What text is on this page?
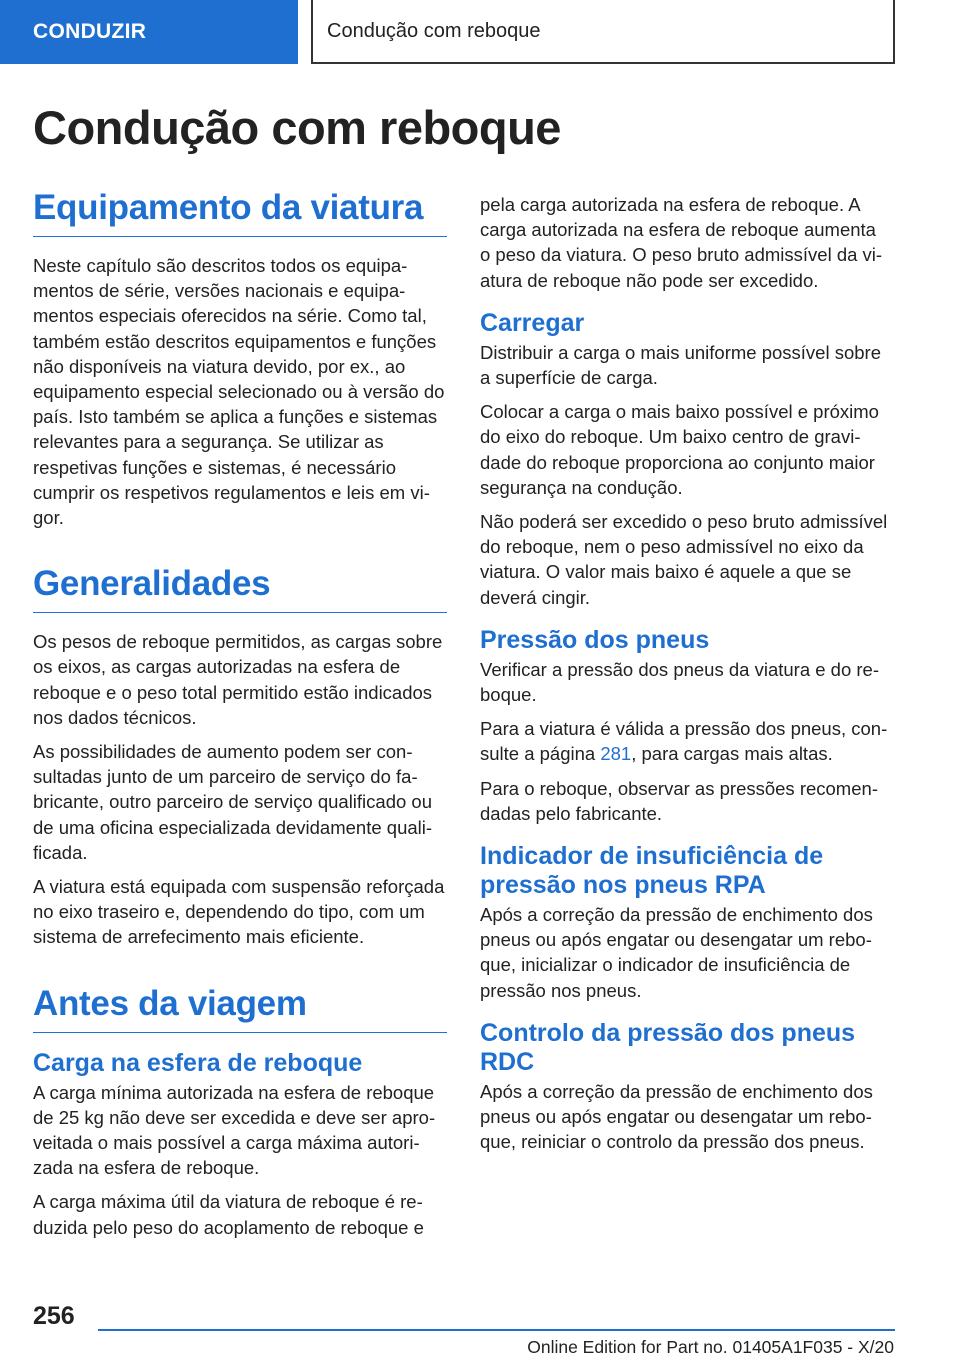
CONDUZIR	Condução com reboque
Condução com reboque
Equipamento da viatura

Neste capítulo são descritos todos os equipamentos de série, versões nacionais e equipamentos especiais oferecidos na série. Como tal, também estão descritos equipamentos e funções não disponíveis na viatura devido, por ex., ao equipamento especial selecionado ou à versão do país. Isto também se aplica a funções e sistemas relevantes para a segurança. Se utilizar as respetivas funções e sistemas, é necessário cumprir os respetivos regulamentos e leis em vigor.

Generalidades

Os pesos de reboque permitidos, as cargas sobre os eixos, as cargas autorizadas na esfera de reboque e o peso total permitido estão indicados nos dados técnicos.

As possibilidades de aumento podem ser consultadas junto de um parceiro de serviço do fabricante, outro parceiro de serviço qualificado ou de uma oficina especializada devidamente qualificada.

A viatura está equipada com suspensão reforçada no eixo traseiro e, dependendo do tipo, com um sistema de arrefecimento mais eficiente.

Antes da viagem
Carga na esfera de reboque

A carga mínima autorizada na esfera de reboque de 25 kg não deve ser excedida e deve ser aproveitada o mais possível a carga máxima autorizada na esfera de reboque.

A carga máxima útil da viatura de reboque é reduzida pelo peso do acoplamento de reboque e

pela carga autorizada na esfera de reboque. A carga autorizada na esfera de reboque aumenta o peso da viatura. O peso bruto admissível da viatura de reboque não pode ser excedido.

Carregar

Distribuir a carga o mais uniforme possível sobre a superfície de carga.

Colocar a carga o mais baixo possível e próximo do eixo do reboque. Um baixo centro de gravidade do reboque proporciona ao conjunto maior segurança na condução.

Não poderá ser excedido o peso bruto admissível do reboque, nem o peso admissível no eixo da viatura. O valor mais baixo é aquele a que se deverá cingir.

Pressão dos pneus

Verificar a pressão dos pneus da viatura e do reboque.

Para a viatura é válida a pressão dos pneus, consulte a página 281, para cargas mais altas.

Para o reboque, observar as pressões recomendadas pelo fabricante.

Indicador de insuficiência de pressão nos pneus RPA

Após a correção da pressão de enchimento dos pneus ou após engatar ou desengatar um reboque, inicializar o indicador de insuficiência de pressão nos pneus.

Controlo da pressão dos pneus RDC

Após a correção da pressão de enchimento dos pneus ou após engatar ou desengatar um reboque, reiniciar o controlo da pressão dos pneus.

256
Online Edition for Part no. 01405A1F035 - X/20
